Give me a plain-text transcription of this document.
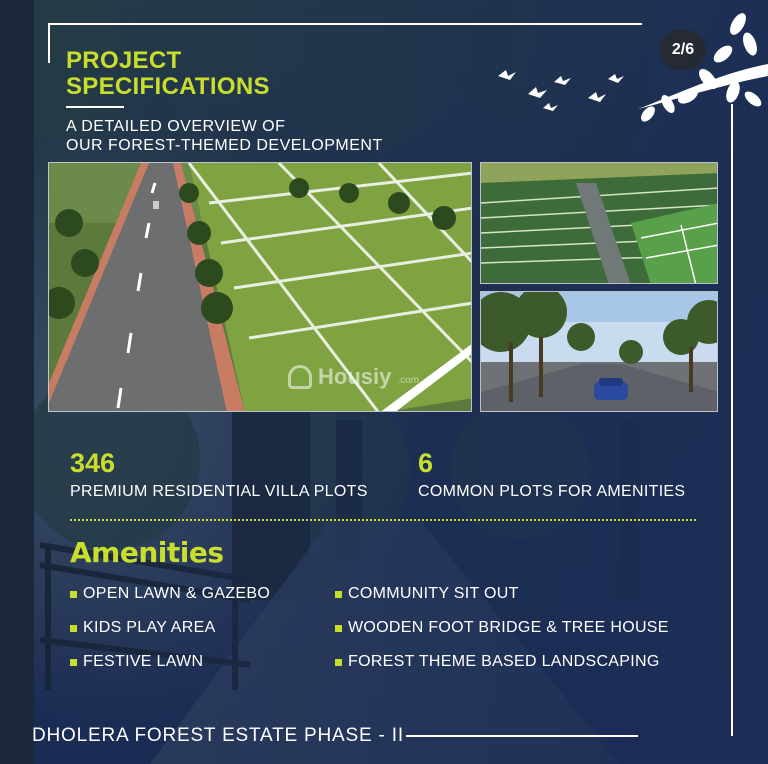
2/6
PROJECT
SPECIFICATIONS
A DETAILED OVERVIEW OF
OUR FOREST-THEMED DEVELOPMENT
Housiy .com
346
PREMIUM RESIDENTIAL VILLA PLOTS
6
COMMON PLOTS FOR AMENITIES
Amenities
OPEN LAWN & GAZEBO	COMMUNITY SIT OUT
KIDS PLAY AREA	WOODEN FOOT BRIDGE & TREE HOUSE
FESTIVE LAWN	FOREST THEME BASED LANDSCAPING
DHOLERA FOREST ESTATE PHASE - II
